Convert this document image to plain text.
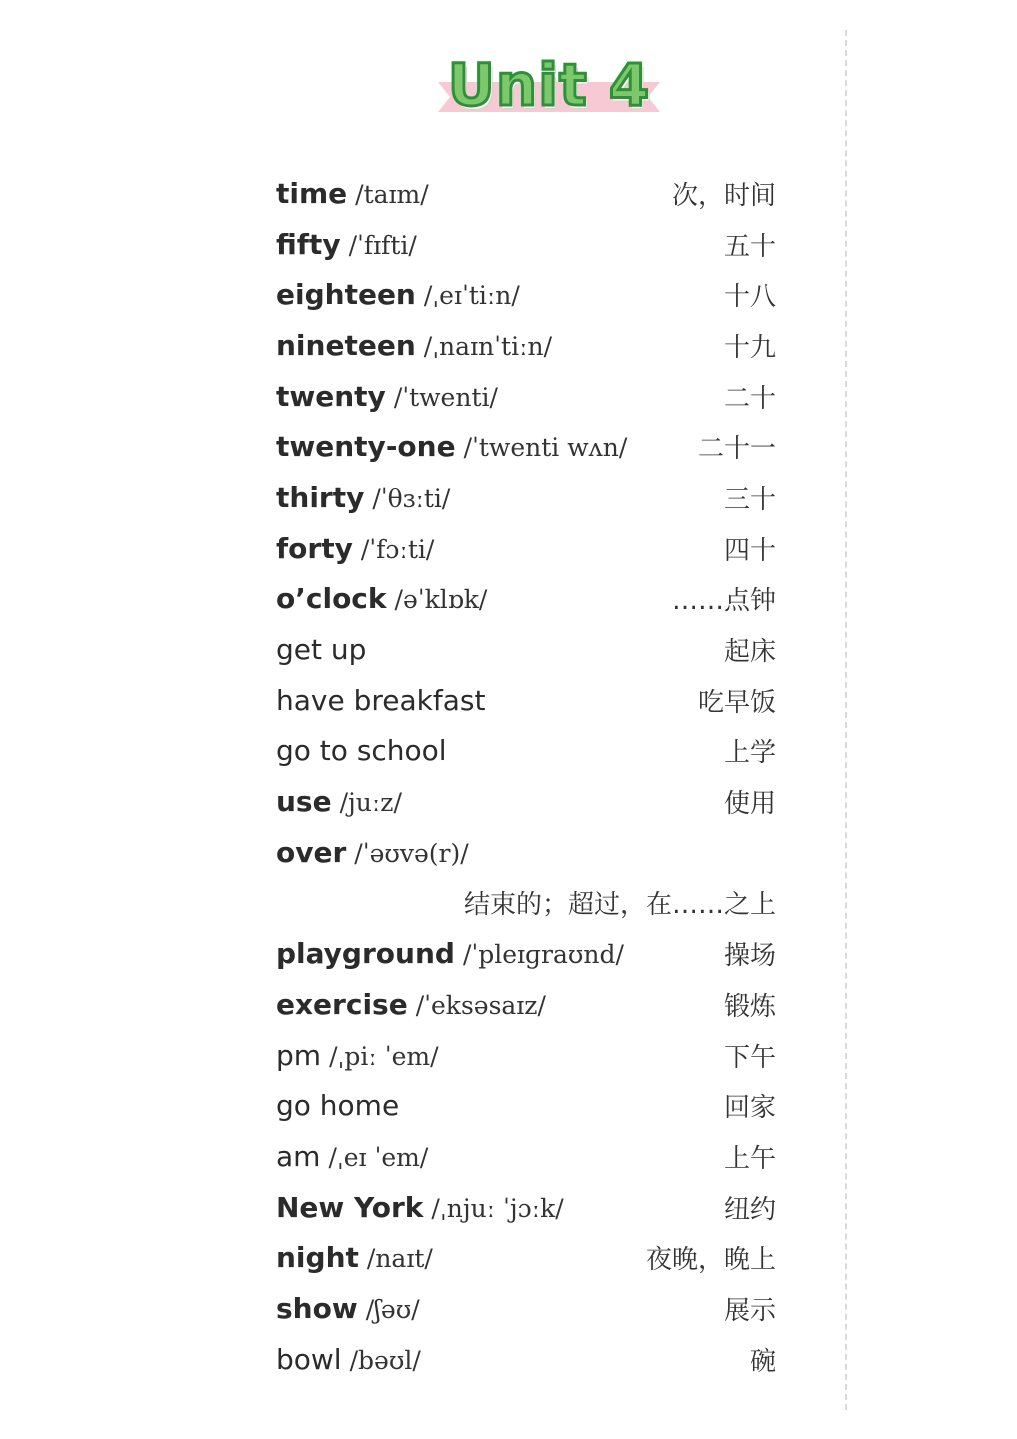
Unit 4
time /taɪm/	次，时间
fifty /ˈfɪfti/	五十
eighteen /ˌeɪˈtiːn/	十八
nineteen /ˌnaɪnˈtiːn/	十九
twenty /ˈtwenti/	二十
twenty-one /ˈtwenti wʌn/	二十一
thirty /ˈθɜːti/	三十
forty /ˈfɔːti/	四十
o’clock /əˈklɒk/	……点钟
get up	起床
have breakfast	吃早饭
go to school	上学
use /juːz/	使用
over /ˈəʊvə(r)/
结束的；超过，在……之上
playground /ˈpleɪɡraʊnd/	操场
exercise /ˈeksəsaɪz/	锻炼
pm /ˌpiː ˈem/	下午
go home	回家
am /ˌeɪ ˈem/	上午
New York /ˌnjuː ˈjɔːk/	纽约
night /naɪt/	夜晚，晚上
show /ʃəʊ/	展示
bowl /bəʊl/	碗
